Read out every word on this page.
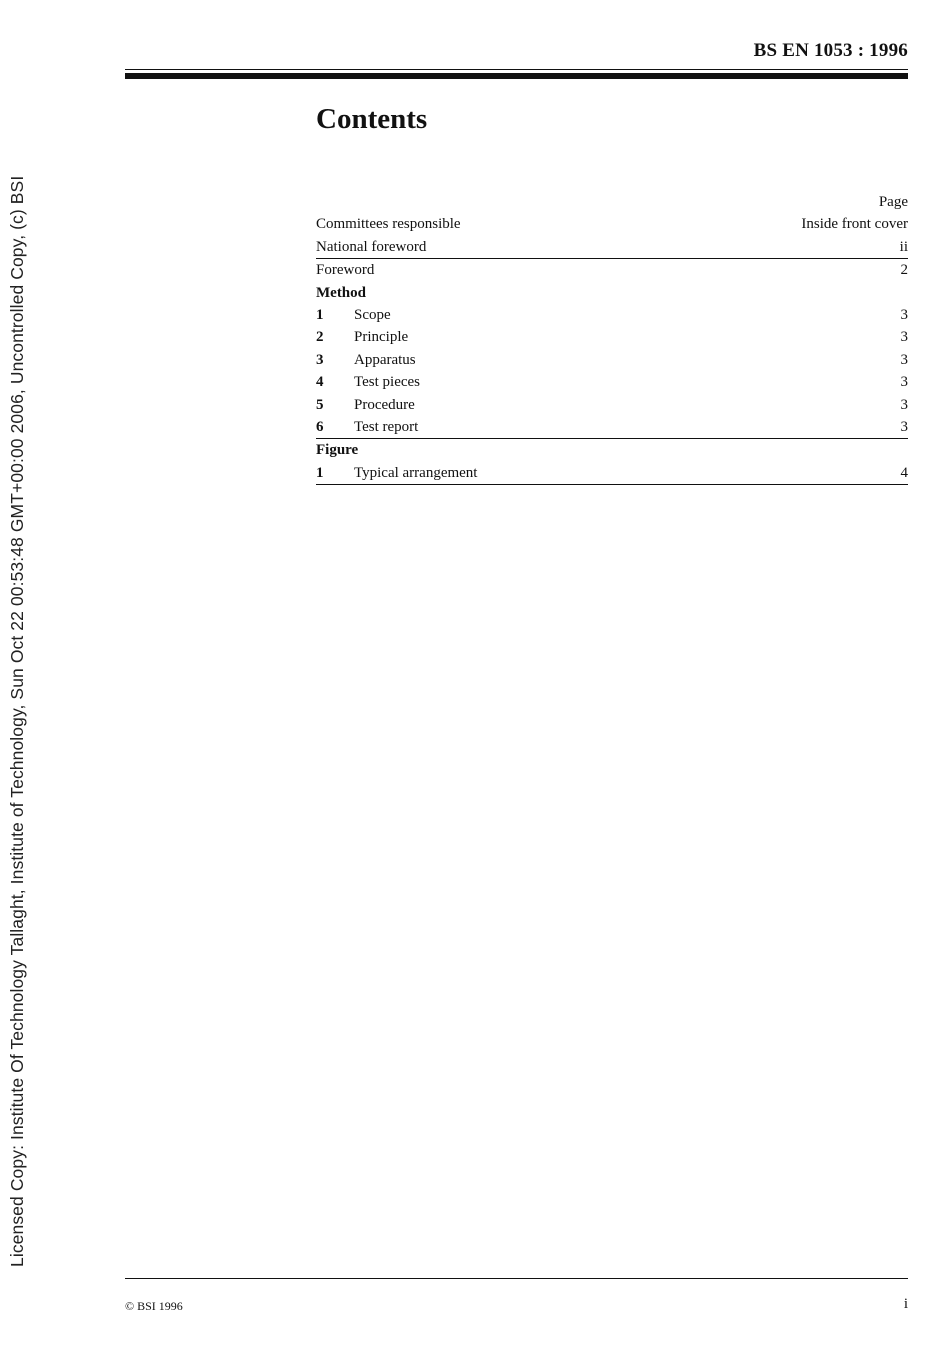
Licensed Copy: Institute Of Technology Tallaght, Institute of Technology, Sun Oct 22 00:53:48 GMT+00:00 2006, Uncontrolled Copy, (c) BSI
BS EN 1053 : 1996
Contents
Page
Committees responsible	Inside front cover
National foreword	ii
Foreword	2
Method
1	Scope	3
2	Principle	3
3	Apparatus	3
4	Test pieces	3
5	Procedure	3
6	Test report	3
Figure
1	Typical arrangement	4
© BSI 1996	i
